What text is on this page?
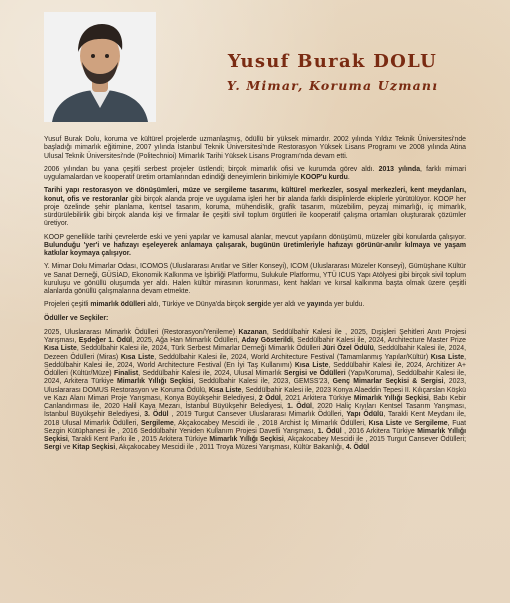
Yusuf Burak DOLU
Y. Mimar, Koruma Uzmanı

Yusuf Burak Dolu, koruma ve kültürel projelerde uzmanlaşmış, ödüllü bir yüksek mimardır. 2002 yılında Yıldız Teknik Üniversitesi'nde başladığı mimarlık eğitimine, 2007 yılında İstanbul Teknik Üniversitesi'nde Restorasyon Yüksek Lisans Programı ve 2008 yılında Atina Ulusal Teknik Üniversitesi'nde (Politechnioi) Mimarlık Tarihi Yüksek Lisans Programı'nda devam etti.

2006 yılından bu yana çeşitli serbest projeler üstlendi; birçok mimarlık ofisi ve kurumda görev aldı. 2013 yılında, farklı mimari uygulamalardan ve kooperatif üretim ortamlarından edindiği deneyimlerin birikimiyle KOOP'u kurdu.

Tarihi yapı restorasyon ve dönüşümleri, müze ve sergileme tasarımı, kültürel merkezler, sosyal merkezleri, kent meydanları, konut, ofis ve restoranlar gibi birçok alanda proje ve uygulama işleri her bir alanda farklı disiplinlerde ekiplerle yürütülüyor. KOOP her proje özelinde şehir planlama, kentsel tasarım, koruma, mühendislik, grafik tasarım, müzebilim, peyzaj mimarlığı, iç mimarlık, sürdürülebilirlik gibi birçok alanda kişi ve firmalar ile çeşitli sivil toplum örgütleri ile kooperatif çalışma ortamları oluşturarak çözümler üretiyor.

KOOP genellikle tarihi çevrelerde eski ve yeni yapılar ve kamusal alanlar, mevcut yapıların dönüşümü, müzeler gibi konularda çalışıyor. Bulunduğu 'yer'i ve hafızayı eşeleyerek anlamaya çalışarak, bugünün üretimleriyle hafızayı görünür-anılır kılmaya ve yaşam katkılar koymaya çalışıyor.

Y. Mimar Dolu Mimarlar Odası, ICOMOS (Uluslararası Anıtlar ve Sitler Konseyi), ICOM (Uluslararası Müzeler Konseyi), Gümüşhane Kültür ve Sanat Derneği, GÜSİAD, Ekonomik Kalkınma ve İşbirliği Platformu, Sulukule Platformu, YTÜ ICUS Yapı Atölyesi gibi birçok sivil toplum kuruluşu ve gönüllü oluşumda yer aldı. Halen kültür mirasının korunması, kent hakları ve kırsal kalkınma başta olmak üzere çeşitli alanlarda gönüllü çalışmalarına devam etmekte.

Projeleri çeşitli mimarlık ödülleri aldı, Türkiye ve Dünya'da birçok sergide yer aldı ve yayında yer buldu.

Ödüller ve Seçkiler:

2025, Uluslararası Mimarlık Ödülleri (Restorasyon/Yenileme) Kazanan, Seddülbahir Kalesi ile , 2025, Dışişleri Şehitleri Anıtı Projesi Yarışması, Eşdeğer 1. Ödül, 2025, Ağa Han Mimarlık Ödülleri, Aday Gösterildi, Seddülbahir Kalesi ile, 2024, Architecture Master Prize Kısa Liste, Seddülbahir Kalesi ile, 2024, Türk Serbest Mimarlar Derneği Mimarlık Ödülleri Jüri Özel Ödülü, Seddülbahir Kalesi ile, 2024, Dezeen Ödülleri (Miras) Kısa Liste, Seddülbahir Kalesi ile, 2024, World Architecture Festival (Tamamlanmış Yapılar/Kültür) Kısa Liste, Seddülbahir Kalesi ile, 2024, World Architecture Festival (En İyi Taş Kullanımı) Kısa Liste, Seddülbahir Kalesi ile, 2024, Architizer A+ Ödülleri (Kültür/Müze) Finalist, Seddülbahir Kalesi ile, 2024, Ulusal Mimarlık Sergisi ve Ödülleri (Yapı/Koruma), Seddülbahir Kalesi ile, 2024, Arkitera Türkiye Mimarlık Yıllığı Seçkisi, Seddülbahir Kalesi ile, 2023, GEMSS'23, Genç Mimarlar Seçkisi & Sergisi, 2023, Uluslararası DOMUS Restorasyon ve Koruma Ödülü, Kısa Liste, Seddülbahir Kalesi ile, 2023 Konya Alaeddin Tepesi II. Kılıçarslan Köşkü ve Kazı Alanı Mimari Proje Yarışması, Konya Büyükşehir Belediyesi, 2 Ödül, 2021 Arkitera Türkiye Mimarlık Yıllığı Seçkisi, Babı Kebir Canlandırması ile, 2020 Halil Kaya Mezarı, İstanbul Büyükşehir Belediyesi, 1. Ödül, 2020 Haliç Kıyıları Kentsel Tasarım Yarışması, İstanbul Büyükşehir Belediyesi, 3. Ödül , 2019 Turgut Cansever Uluslararası Mimarlık Ödülleri, Yapı Ödülü, Tarakli Kent Meydanı ile, 2018 Ulusal Mimarlık Ödülleri, Sergileme, Akçakocabey Mescidi ile , 2018 Archist İç Mimarlık Ödülleri, Kısa Liste ve Sergileme, Fuat Sezgin Kütüphanesi ile , 2016 Seddülbahir Yeniden Kullanım Projesi Davetli Yarışması, 1. Ödül , 2016 Arkitera Türkiye Mimarlık Yıllığı Seçkisi, Tarakli Kent Parkı ile , 2015 Arkitera Türkiye Mimarlık Yıllığı Seçkisi, Akçakocabey Mescidi ile , 2015 Turgut Cansever Ödülleri; Sergi ve Kitap Seçkisi, Akçakocabey Mescidi ile , 2011 Troya Müzesi Yarışması, Kültür Bakanlığı, 4. Ödül
